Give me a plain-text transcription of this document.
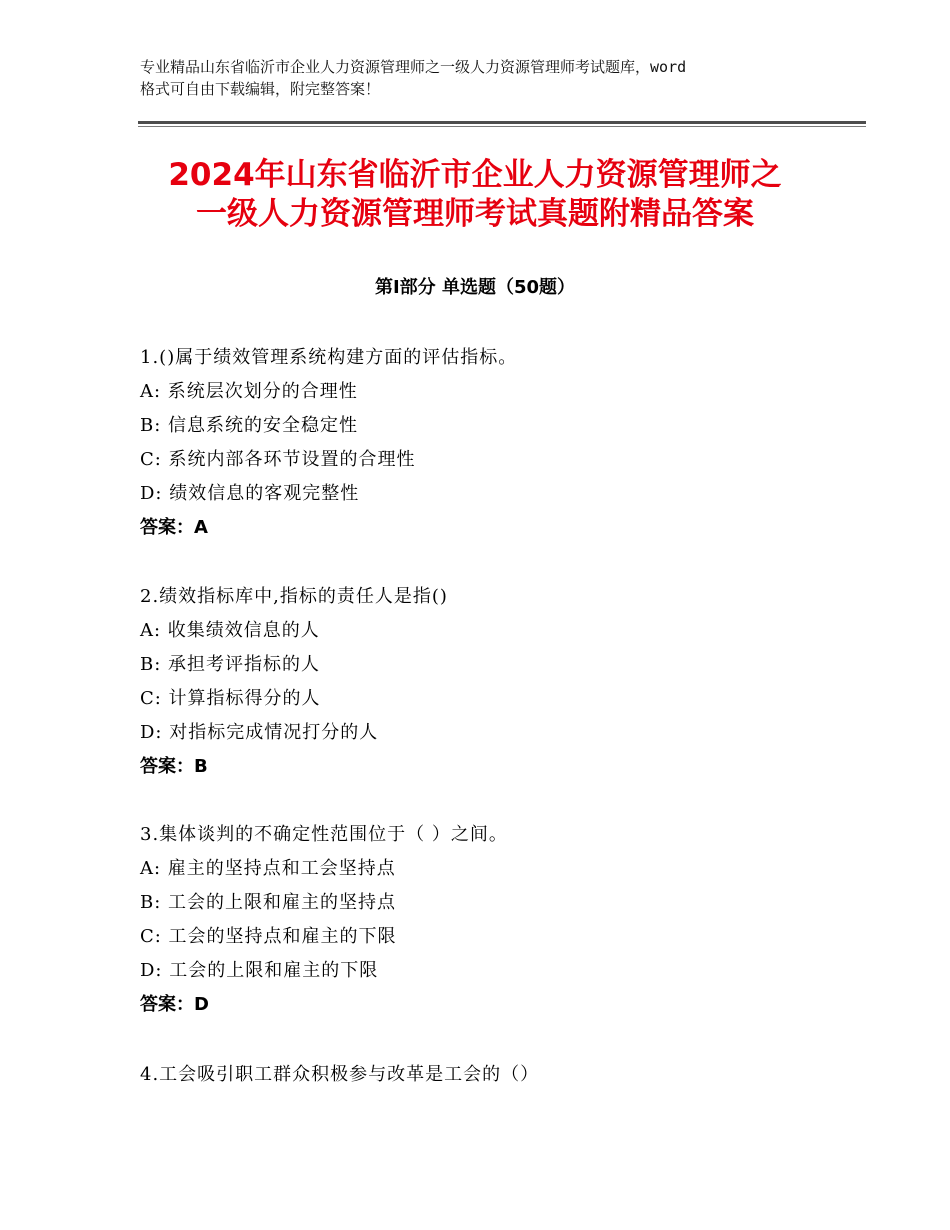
专业精品山东省临沂市企业人力资源管理师之一级人力资源管理师考试题库，word
格式可自由下载编辑，附完整答案！
2024年山东省临沂市企业人力资源管理师之
一级人力资源管理师考试真题附精品答案
第Ⅰ部分 单选题（50题）
1.()属于绩效管理系统构建方面的评估指标。
A: 系统层次划分的合理性
B: 信息系统的安全稳定性
C: 系统内部各环节设置的合理性
D: 绩效信息的客观完整性
答案：A
2.绩效指标库中,指标的责任人是指()
A: 收集绩效信息的人
B: 承担考评指标的人
C: 计算指标得分的人
D: 对指标完成情况打分的人
答案：B
3.集体谈判的不确定性范围位于（ ）之间。
A: 雇主的坚持点和工会坚持点
B: 工会的上限和雇主的坚持点
C: 工会的坚持点和雇主的下限
D: 工会的上限和雇主的下限
答案：D
4.工会吸引职工群众积极参与改革是工会的（）
